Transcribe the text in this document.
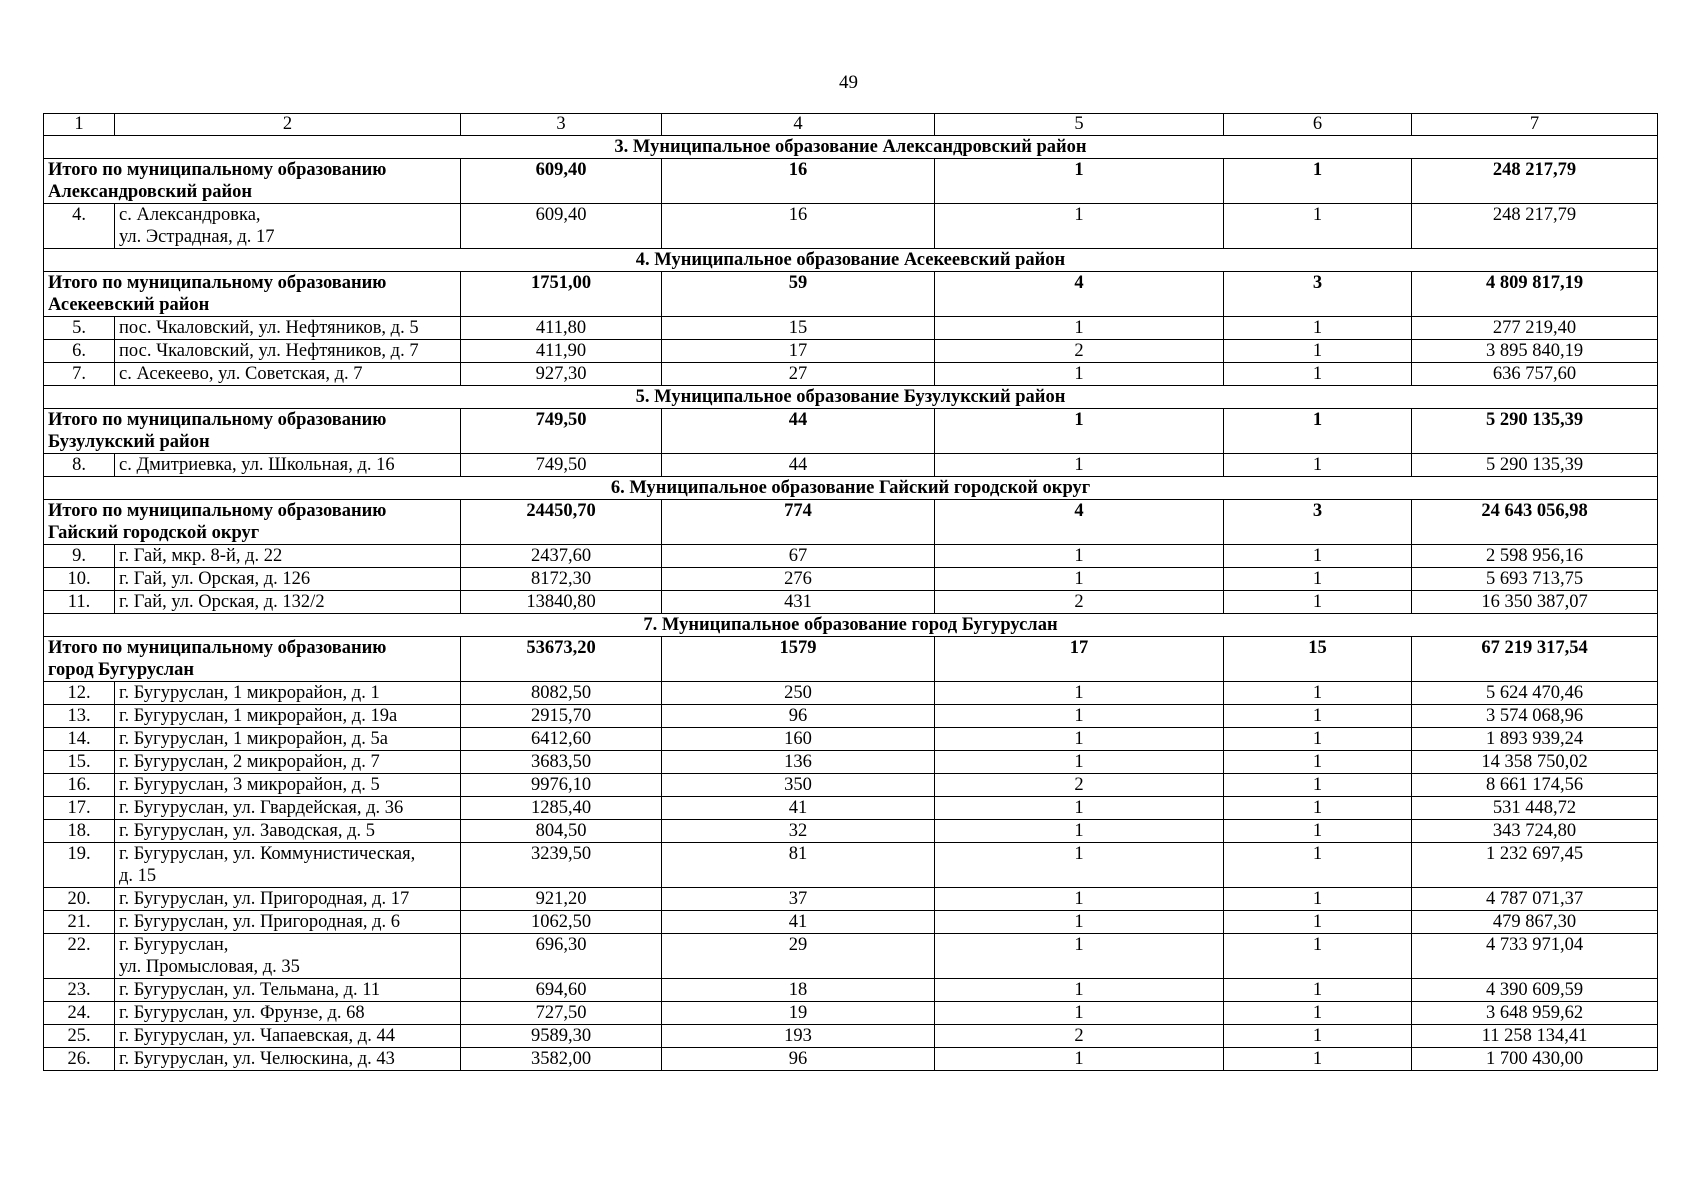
49
1	2	3	4	5	6	7
3. Муниципальное образование Александровский район						

Итого по муниципальному образованию
Александровский район		609,40	16	1	1	248 217,79
4.	с. Александровка,
ул. Эстрадная, д. 17	609,40	16	1	1	248 217,79
4. Муниципальное образование Асекеевский район						

Итого по муниципальному образованию
Асекеевский район		1751,00	59	4	3	4 809 817,19
5.	пос. Чкаловский, ул. Нефтяников, д. 5	411,80	15	1	1	277 219,40
6.	пос. Чкаловский, ул. Нефтяников, д. 7	411,90	17	2	1	3 895 840,19
7.	с. Асекеево, ул. Советская, д. 7	927,30	27	1	1	636 757,60
5. Муниципальное образование Бузулукский район						

Итого по муниципальному образованию
Бузулукский район		749,50	44	1	1	5 290 135,39
8.	с. Дмитриевка, ул. Школьная, д. 16	749,50	44	1	1	5 290 135,39
6. Муниципальное образование Гайский городской округ						

Итого по муниципальному образованию
Гайский городской округ		24450,70	774	4	3	24 643 056,98
9.	г. Гай, мкр. 8-й, д. 22	2437,60	67	1	1	2 598 956,16
10.	г. Гай, ул. Орская, д. 126	8172,30	276	1	1	5 693 713,75
11.	г. Гай, ул. Орская, д. 132/2	13840,80	431	2	1	16 350 387,07
7. Муниципальное образование город Бугуруслан						

Итого по муниципальному образованию
город Бугуруслан		53673,20	1579	17	15	67 219 317,54
12.	г. Бугуруслан, 1 микрорайон, д. 1	8082,50	250	1	1	5 624 470,46
13.	г. Бугуруслан, 1 микрорайон, д. 19а	2915,70	96	1	1	3 574 068,96
14.	г. Бугуруслан, 1 микрорайон, д. 5а	6412,60	160	1	1	1 893 939,24
15.	г. Бугуруслан, 2 микрорайон, д. 7	3683,50	136	1	1	14 358 750,02
16.	г. Бугуруслан, 3 микрорайон, д. 5	9976,10	350	2	1	8 661 174,56
17.	г. Бугуруслан, ул. Гвардейская, д. 36	1285,40	41	1	1	531 448,72
18.	г. Бугуруслан, ул. Заводская, д. 5	804,50	32	1	1	343 724,80
19.	г. Бугуруслан, ул. Коммунистическая,
д. 15	3239,50	81	1	1	1 232 697,45
20.	г. Бугуруслан, ул. Пригородная, д. 17	921,20	37	1	1	4 787 071,37
21.	г. Бугуруслан, ул. Пригородная, д. 6	1062,50	41	1	1	479 867,30
22.	г. Бугуруслан,
ул. Промысловая, д. 35	696,30	29	1	1	4 733 971,04
23.	г. Бугуруслан, ул. Тельмана, д. 11	694,60	18	1	1	4 390 609,59
24.	г. Бугуруслан, ул. Фрунзе, д. 68	727,50	19	1	1	3 648 959,62
25.	г. Бугуруслан, ул. Чапаевская, д. 44	9589,30	193	2	1	11 258 134,41
26.	г. Бугуруслан, ул. Челюскина, д. 43	3582,00	96	1	1	1 700 430,00
